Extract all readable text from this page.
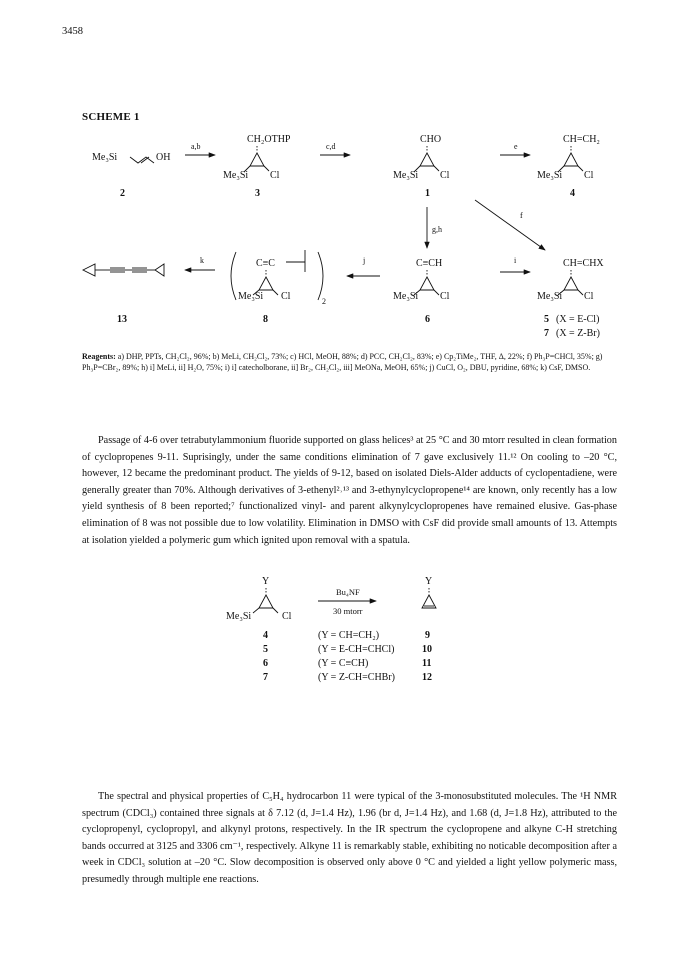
3458
SCHEME 1
Me₃Si	OH
2
a,b
CH₂OTHP
Me₃Si Cl
3
c,d
CHO
Me₃Si Cl
1
e
CH=CH₂
Me₃Si Cl
4
g,h
f
13
k	C≡C
Me₃Si Cl	2
8
j	C≡CH
Me₃Si Cl
6
i	CH=CHX
Me₃Si Cl
5 (X = E-Cl)
7 (X = Z-Br)
Reagents: a) DHP, PPTs, CH₂Cl₂, 96%; b) MeLi, CH₂Cl₂, 73%; c) HCl, MeOH, 88%; d) PCC, CH₂Cl₂, 83%; e) Cp₂TiMe₂, THF, Δ, 22%; f) Ph₃P=CHCl, 35%; g) Ph₃P=CBr₂, 89%; h) i] MeLi, ii] H₂O, 75%; i) i] catecholborane, ii] Br₂, CH₂Cl₂, iii] MeONa, MeOH, 65%; j) CuCl, O₂, DBU, pyridine, 68%; k) CsF, DMSO.
Passage of 4-6 over tetrabutylammonium fluoride supported on glass helices³ at 25 °C and 30 mtorr resulted in clean formation of cyclopropenes 9-11. Suprisingly, under the same conditions elimination of 7 gave exclusively 11.¹² On cooling to –20 °C, however, 12 became the predominant product. The yields of 9-12, based on isolated Diels-Alder adducts of cyclopentadiene, were generally greater than 70%. Although derivatives of 3-ethenyl²˒¹³ and 3-ethynylcyclopropene¹⁴ are known, only recently has a low yield synthesis of 8 been reported;⁷ functionalized vinyl- and parent alkynylcyclopropenes have remained elusive. Gas-phase elimination of 8 was not possible due to low volatility. Elimination in DMSO with CsF did provide small amounts of 13. Attempts at isolation yielded a polymeric gum which ignited upon removal with a spatula.
Y
Me₃Si	Cl
Bu₄NF
30 mtorr
Y
4	(Y = CH=CH₂)	9
5	(Y = E-CH=CHCl)	10
6	(Y = C≡CH)	11
7	(Y = Z-CH=CHBr)	12
The spectral and physical properties of C₅H₄ hydrocarbon 11 were typical of the 3-monosubstituted molecules. The ¹H NMR spectrum (CDCl₃) contained three signals at δ 7.12 (d, J=1.4 Hz), 1.96 (br d, J=1.4 Hz), and 1.68 (d, J=1.8 Hz), attributed to the cyclopropenyl, cyclopropyl, and alkynyl protons, respectively. In the IR spectrum the cyclopropene and alkyne C-H stretching bands occurred at 3125 and 3306 cm⁻¹, respectively. Alkyne 11 is remarkably stable, exhibiting no noticable decomposition after a week in CDCl₃ solution at –20 °C. Slow decomposition is observed only above 0 °C and yielded a light yellow polymeric mass, presumedly through multiple ene reactions.
